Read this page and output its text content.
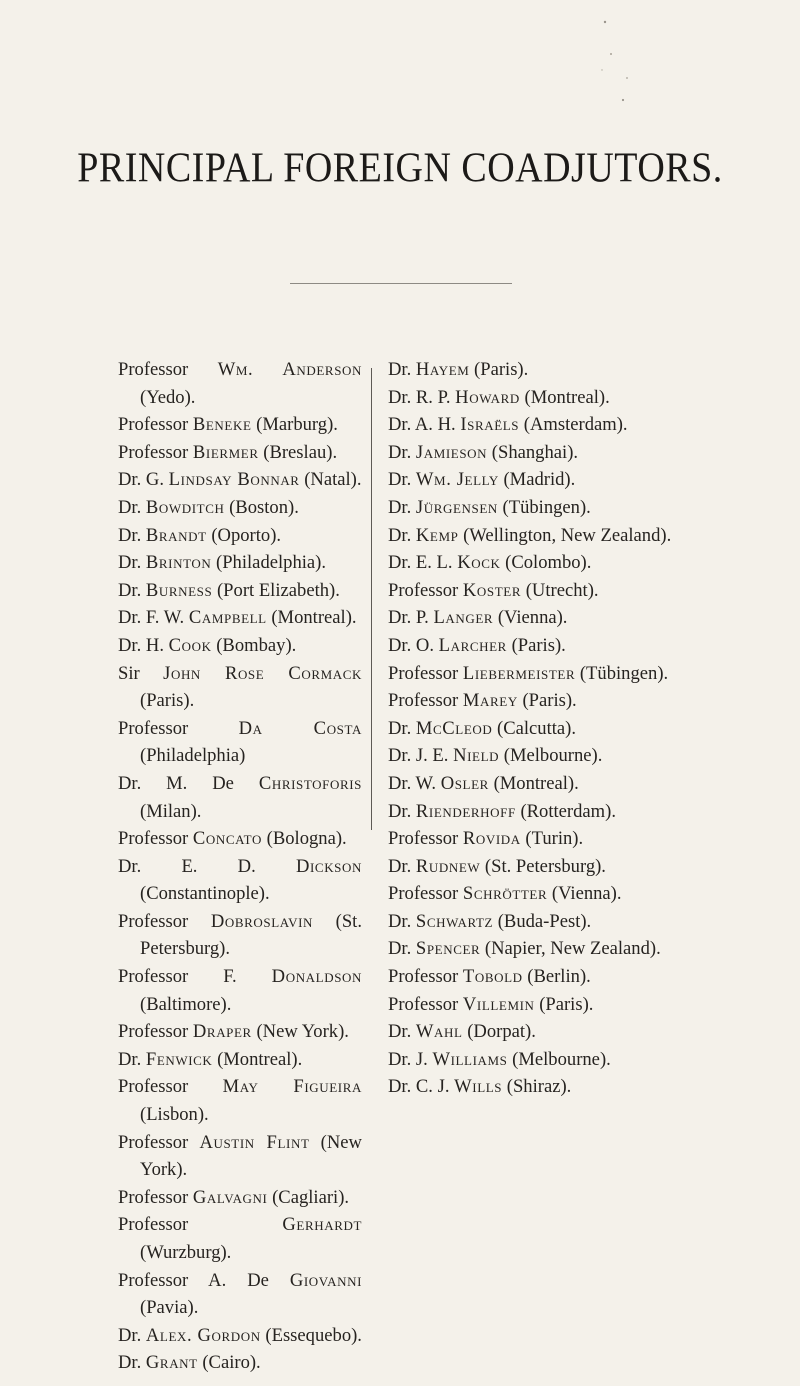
PRINCIPAL FOREIGN COADJUTORS.

Professor Wm. Anderson (Yedo).

Professor Beneke (Marburg).

Professor Biermer (Breslau).

Dr. G. Lindsay Bonnar (Natal).

Dr. Bowditch (Boston).

Dr. Brandt (Oporto).

Dr. Brinton (Philadelphia).

Dr. Burness (Port Elizabeth).

Dr. F. W. Campbell (Montreal).

Dr. H. Cook (Bombay).

Sir John Rose Cormack (Paris).

Professor Da Costa (Philadelphia)

Dr. M. De Christoforis (Milan).

Professor Concato (Bologna).

Dr. E. D. Dickson (Constantinople).

Professor Dobroslavin (St. Petersburg).

Professor F. Donaldson (Baltimore).

Professor Draper (New York).

Dr. Fenwick (Montreal).

Professor May Figueira (Lisbon).

Professor Austin Flint (New York).

Professor Galvagni (Cagliari).

Professor Gerhardt (Wurzburg).

Professor A. De Giovanni (Pavia).

Dr. Alex. Gordon (Essequebo).

Dr. Grant (Cairo).

Dr. Hayem (Paris).

Dr. R. P. Howard (Montreal).

Dr. A. H. Israëls (Amsterdam).

Dr. Jamieson (Shanghai).

Dr. Wm. Jelly (Madrid).

Dr. Jürgensen (Tübingen).

Dr. Kemp (Wellington, New Zealand).

Dr. E. L. Kock (Colombo).

Professor Koster (Utrecht).

Dr. P. Langer (Vienna).

Dr. O. Larcher (Paris).

Professor Liebermeister (Tübingen).

Professor Marey (Paris).

Dr. McCleod (Calcutta).

Dr. J. E. Nield (Melbourne).

Dr. W. Osler (Montreal).

Dr. Rienderhoff (Rotterdam).

Professor Rovida (Turin).

Dr. Rudnew (St. Petersburg).

Professor Schrötter (Vienna).

Dr. Schwartz (Buda-Pest).

Dr. Spencer (Napier, New Zealand).

Professor Tobold (Berlin).

Professor Villemin (Paris).

Dr. Wahl (Dorpat).

Dr. J. Williams (Melbourne).

Dr. C. J. Wills (Shiraz).
